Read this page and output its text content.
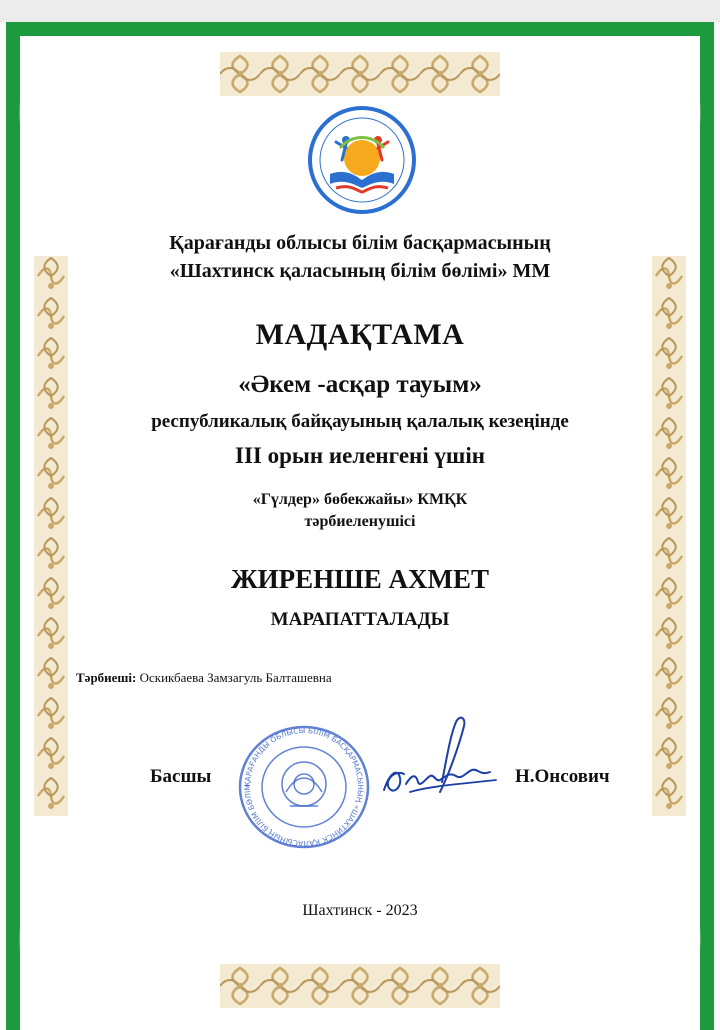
Қарағанды облысы білім басқармасының
«Шахтинск қаласының білім бөлімі» ММ
МАДАҚТАМА
«Әкем -асқар тауым»
республикалық байқауының қалалық кезеңінде
ІІІ орын иеленгені үшін
«Гүлдер» бөбекжайы» КМҚК
тәрбиеленушісі
ЖИРЕНШЕ АХМЕТ
МАРАПАТТАЛАДЫ
Тәрбиешi: Оскикбаева Замзагуль Балташевна
Басшы	Н.Онсович
ҚАРАҒАНДЫ ОБЛЫСЫ БІЛІМ БАСҚАРМАСЫНЫҢ «ШАХТИНСК ҚАЛАСЫНЫҢ БІЛІМ БӨЛІМ
Шахтинск - 2023
